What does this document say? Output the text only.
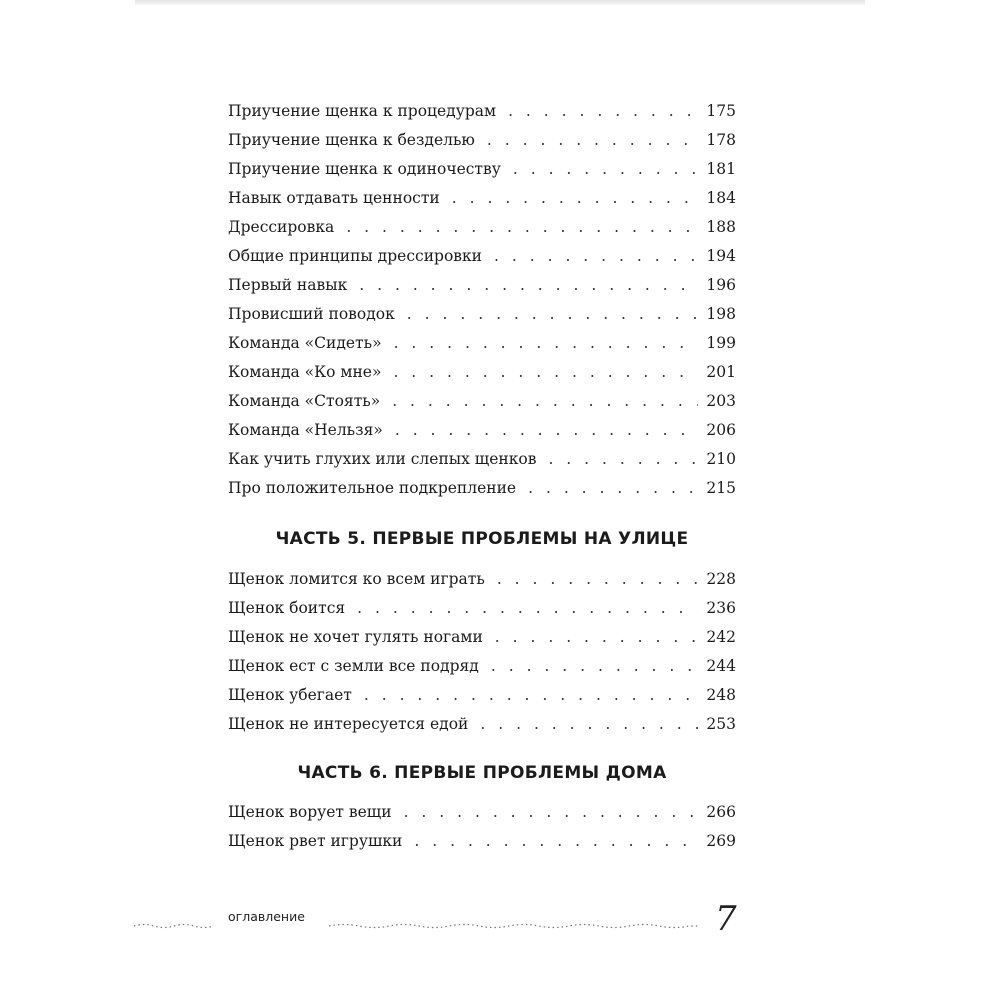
Приучение щенка к процедурам . . .	175
Приучение щенка к безделью . . .	178
Приучение щенка к одиночеству . . .	181
Навык отдавать ценности . . .	184
Дрессировка . . .	188
Общие принципы дрессировки . . .	194
Первый навык . . .	196
Провисший поводок . . .	198
Команда «Сидеть» . . .	199
Команда «Ко мне» . . .	201
Команда «Стоять» . . .	203
Команда «Нельзя» . . .	206
Как учить глухих или слепых щенков . . .	210
Про положительное подкрепление . . .	215
ЧАСТЬ 5. ПЕРВЫЕ ПРОБЛЕМЫ НА УЛИЦЕ
Щенок ломится ко всем играть . . .	228
Щенок боится . . .	236
Щенок не хочет гулять ногами . . .	242
Щенок ест с земли все подряд . . .	244
Щенок убегает . . .	248
Щенок не интересуется едой . . .	253
ЧАСТЬ 6. ПЕРВЫЕ ПРОБЛЕМЫ ДОМА
Щенок ворует вещи . . .	266
Щенок рвет игрушки . . .	269
оглавление	7
